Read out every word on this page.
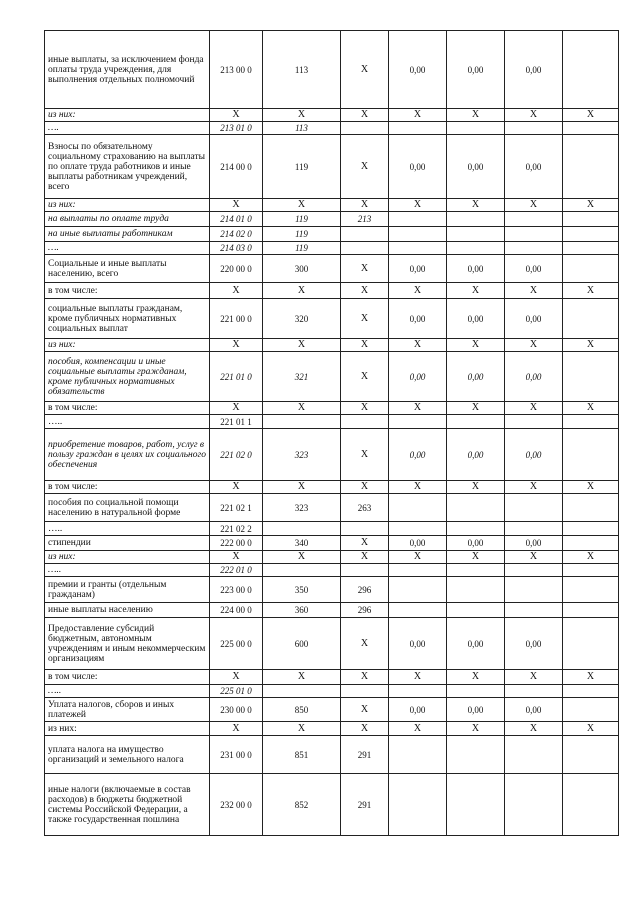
иные выплаты, за исключением фонда оплаты труда учреждения, для выполнения отдельных полномочий	213 00 0	113	X	0,00	0,00	0,00	
из них:	X	X	X	X	X	X	X
….	213 01 0	113					
Взносы по обязательному социальному страхованию на выплаты по оплате труда работников и иные выплаты работникам учреждений, всего	214 00 0	119	X	0,00	0,00	0,00	
из них:	X	X	X	X	X	X	X
на выплаты по оплате труда	214 01 0	119	213				
на иные выплаты работникам	214 02 0	119					
….	214 03 0	119					
Социальные и иные выплаты населению, всего	220 00 0	300	X	0,00	0,00	0,00	
в том числе:	X	X	X	X	X	X	X
социальные выплаты гражданам, кроме публичных нормативных социальных выплат	221 00 0	320	X	0,00	0,00	0,00	
из них:	X	X	X	X	X	X	X
пособия, компенсации и иные социальные выплаты гражданам, кроме публичных нормативных обязательств	221 01 0	321	X	0,00	0,00	0,00	
в том числе:	X	X	X	X	X	X	X
…..	221 01 1						
приобретение товаров, работ, услуг в пользу граждан в целях их социального обеспечения	221 02 0	323	X	0,00	0,00	0,00	
в том числе:	X	X	X	X	X	X	X
пособия по социальной помощи населению в натуральной форме	221 02 1	323	263				
…..	221 02 2						
стипендии	222 00 0	340	X	0,00	0,00	0,00	
из них:	X	X	X	X	X	X	X
…..	222 01 0						
премии и гранты (отдельным гражданам)	223 00 0	350	296				
иные выплаты населению	224 00 0	360	296				
Предоставление субсидий бюджетным, автономным учреждениям и иным некоммерческим организациям	225 00 0	600	X	0,00	0,00	0,00	
в том числе:	X	X	X	X	X	X	X
…..	225 01 0						
Уплата налогов, сборов и иных платежей	230 00 0	850	X	0,00	0,00	0,00	
из них:	X	X	X	X	X	X	X
уплата налога на имущество организаций и земельного налога	231 00 0	851	291				
иные налоги (включаемые в состав расходов) в бюджеты бюджетной системы Российской Федерации, а также государственная пошлина	232 00 0	852	291				
